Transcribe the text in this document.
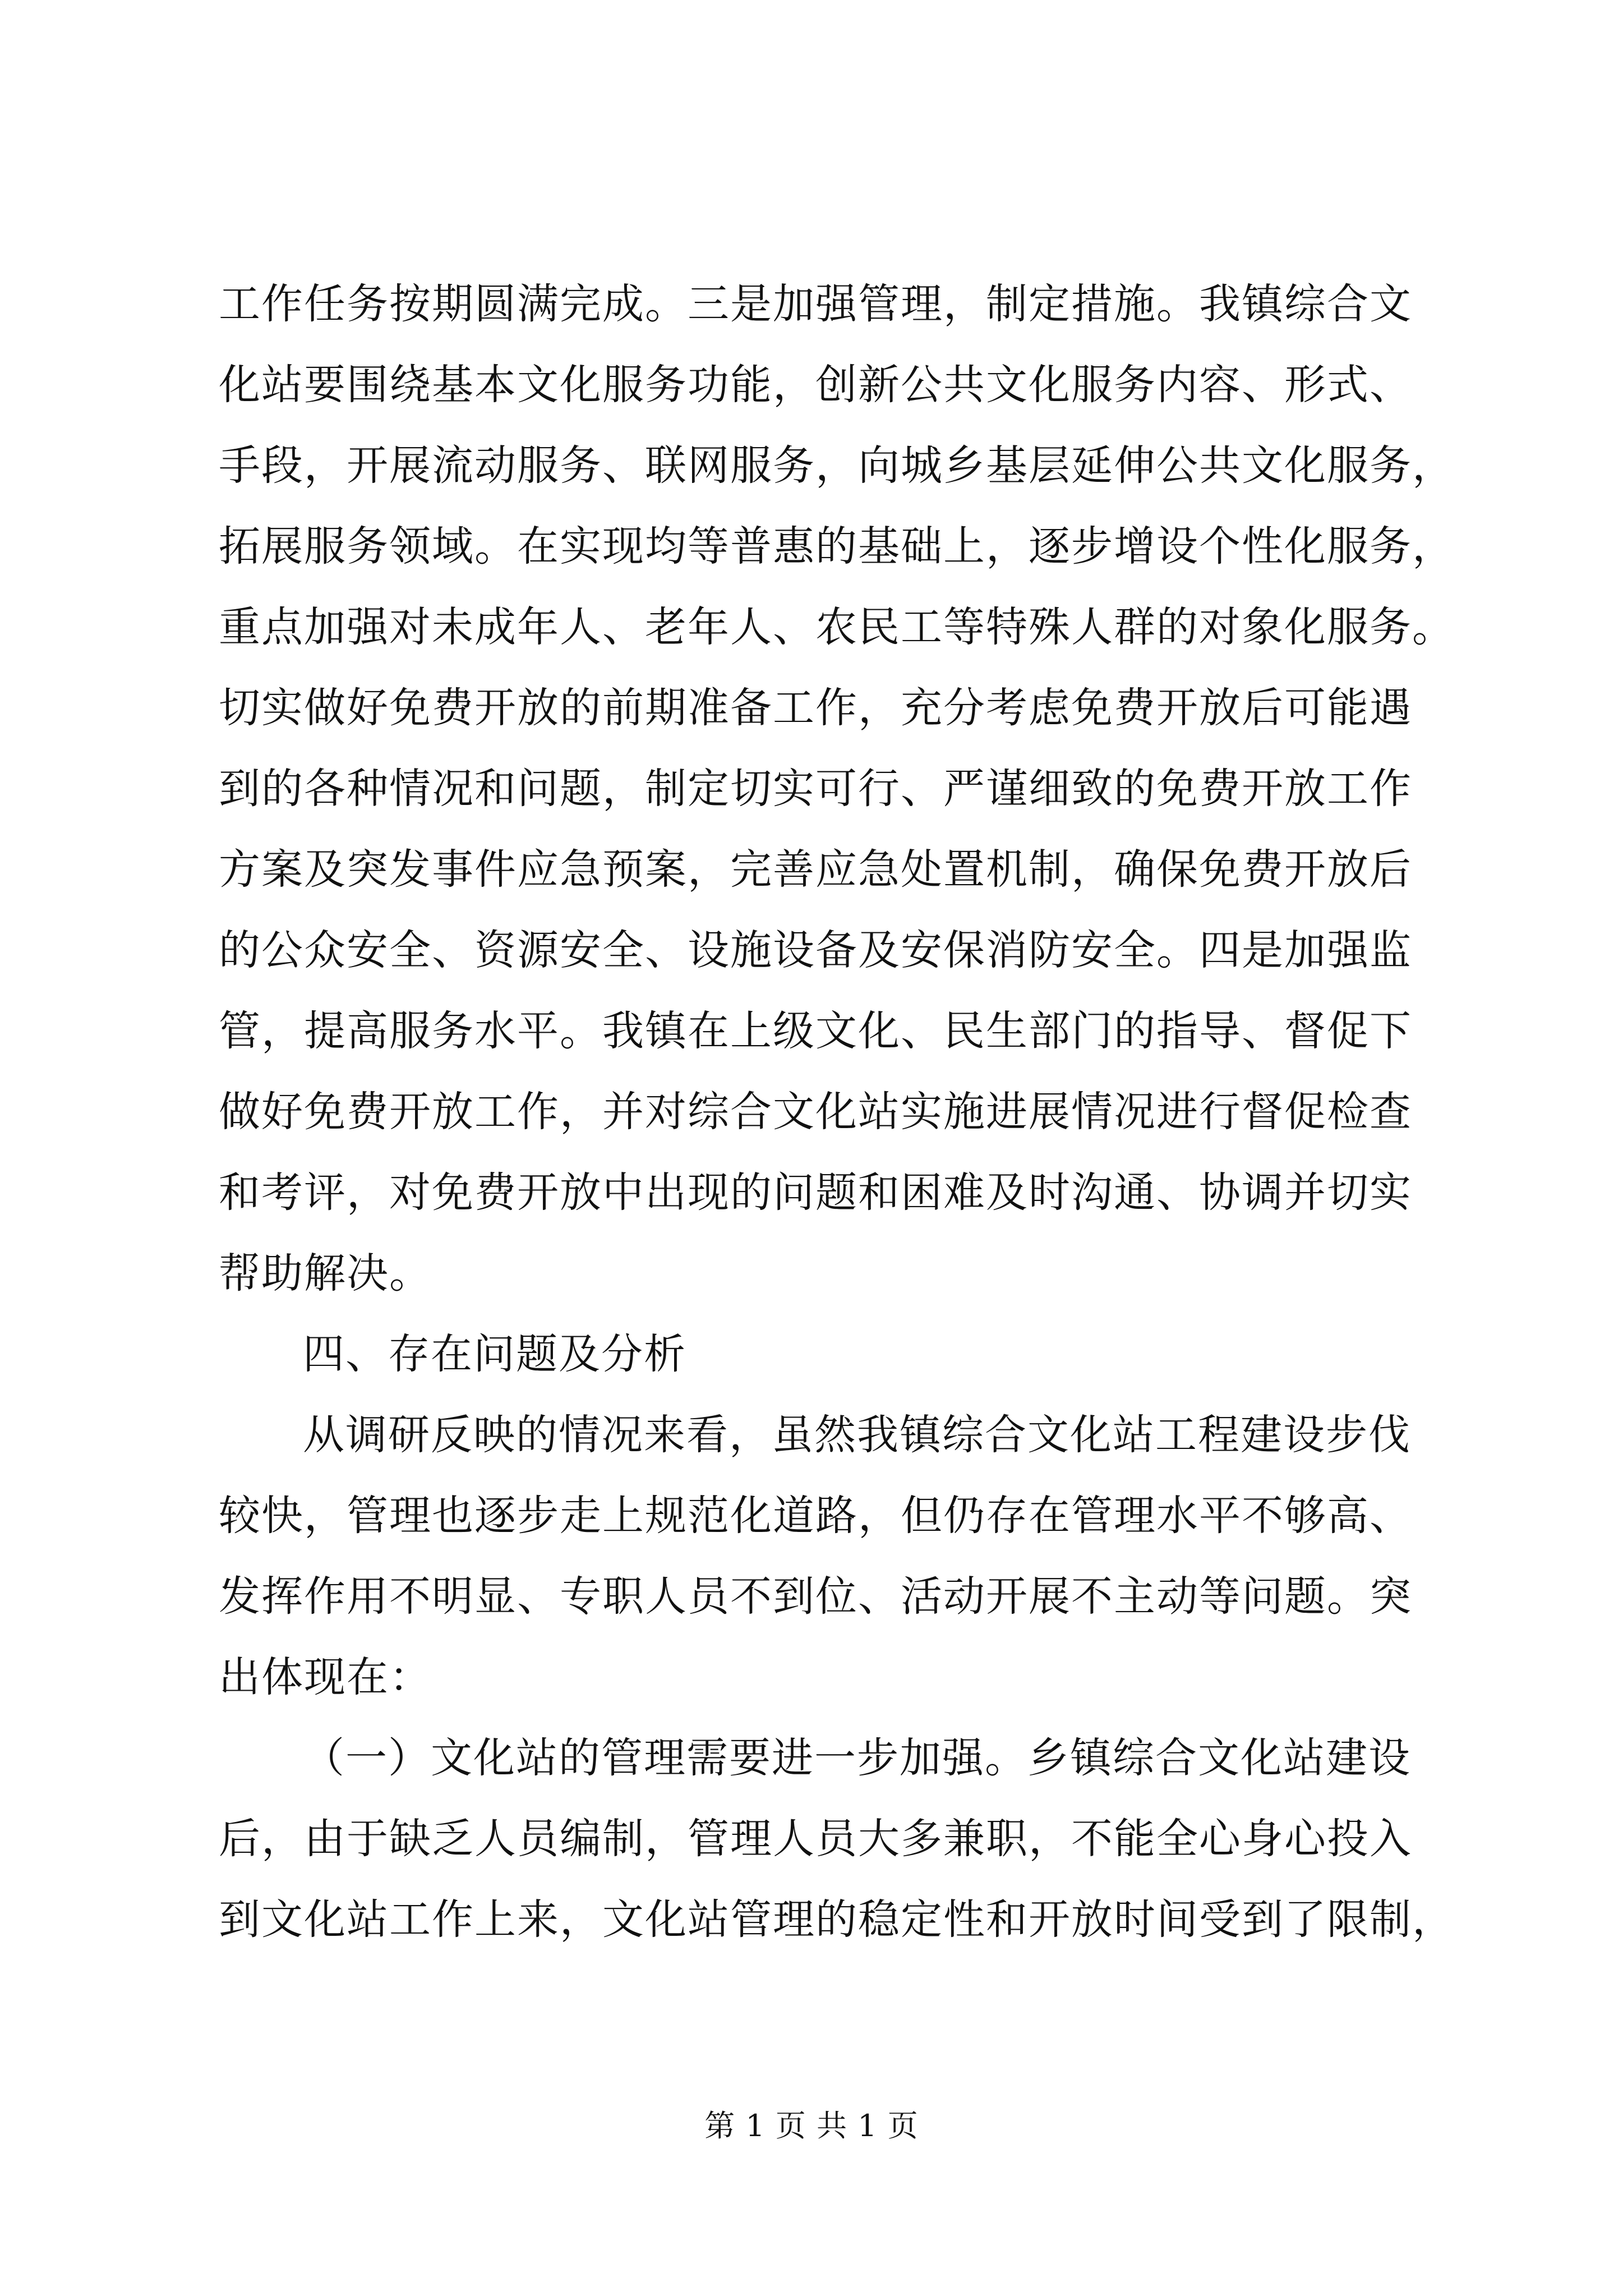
工作任务按期圆满完成。三是加强管理，制定措施。我镇综合文
化站要围绕基本文化服务功能，创新公共文化服务内容、形式、
手段，开展流动服务、联网服务，向城乡基层延伸公共文化服务，
拓展服务领域。在实现均等普惠的基础上，逐步增设个性化服务，
重点加强对未成年人、老年人、农民工等特殊人群的对象化服务。
切实做好免费开放的前期准备工作，充分考虑免费开放后可能遇
到的各种情况和问题，制定切实可行、严谨细致的免费开放工作
方案及突发事件应急预案，完善应急处置机制，确保免费开放后
的公众安全、资源安全、设施设备及安保消防安全。四是加强监
管，提高服务水平。我镇在上级文化、民生部门的指导、督促下
做好免费开放工作，并对综合文化站实施进展情况进行督促检查
和考评，对免费开放中出现的问题和困难及时沟通、协调并切实
帮助解决。
四、存在问题及分析
从调研反映的情况来看，虽然我镇综合文化站工程建设步伐
较快，管理也逐步走上规范化道路，但仍存在管理水平不够高、
发挥作用不明显、专职人员不到位、活动开展不主动等问题。突
出体现在：
（一）文化站的管理需要进一步加强。乡镇综合文化站建设
后，由于缺乏人员编制，管理人员大多兼职，不能全心身心投入
到文化站工作上来，文化站管理的稳定性和开放时间受到了限制，
第 1 页 共 1 页
